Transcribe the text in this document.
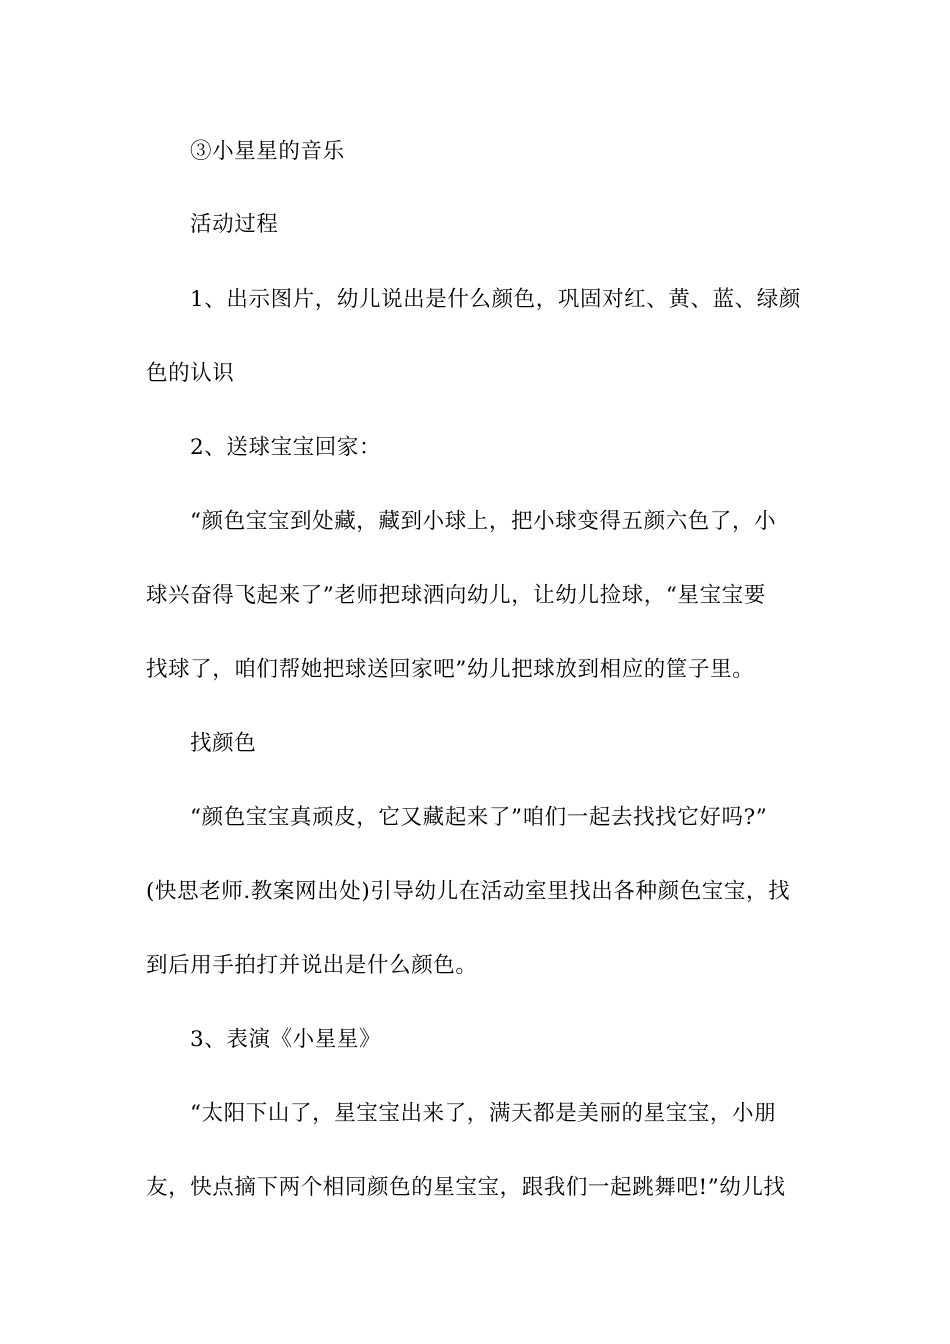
③小星星的音乐
活动过程
1、出示图片，幼儿说出是什么颜色，巩固对红、黄、蓝、绿颜
色的认识
2、送球宝宝回家：
“颜色宝宝到处藏，藏到小球上，把小球变得五颜六色了，小
球兴奋得飞起来了”老师把球洒向幼儿，让幼儿捡球，“星宝宝要
找球了，咱们帮她把球送回家吧”幼儿把球放到相应的筐子里。
找颜色
“颜色宝宝真顽皮，它又藏起来了”咱们一起去找找它好吗?”
(快思老师.教案网出处)引导幼儿在活动室里找出各种颜色宝宝，找
到后用手拍打并说出是什么颜色。
3、表演《小星星》
“太阳下山了，星宝宝出来了，满天都是美丽的星宝宝，小朋
友，快点摘下两个相同颜色的星宝宝，跟我们一起跳舞吧!”幼儿找
